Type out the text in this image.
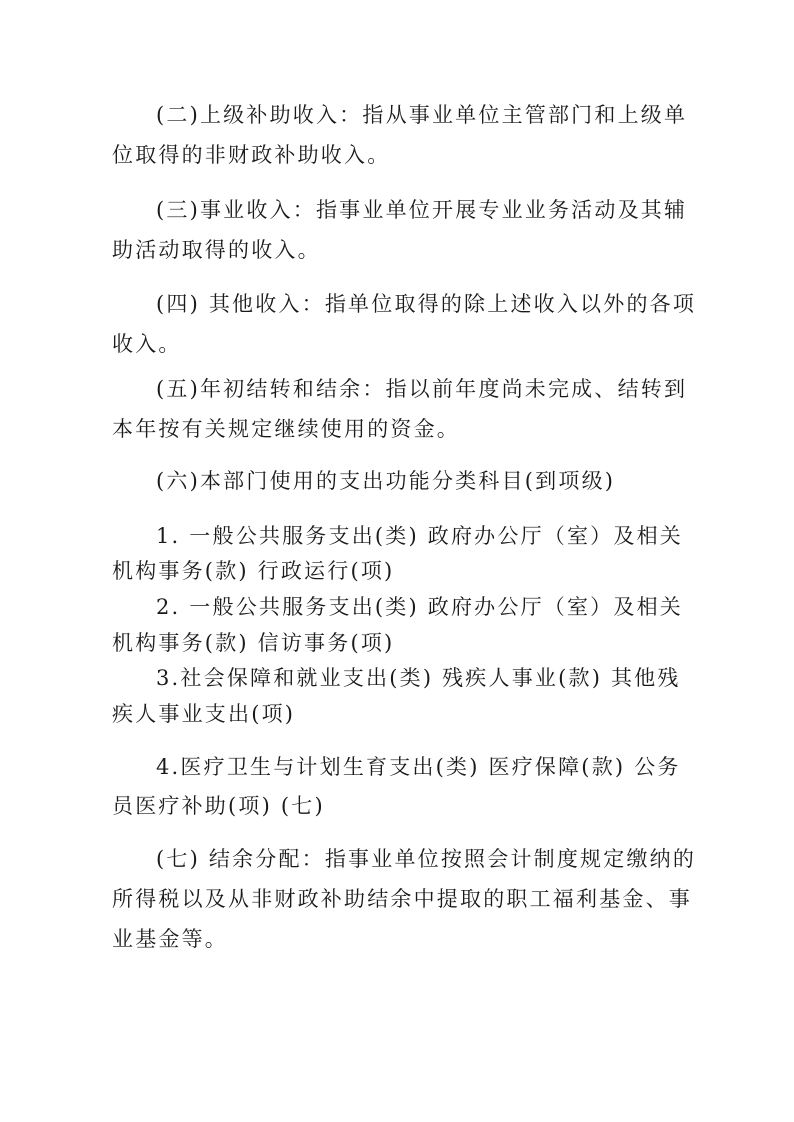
(二)上级补助收入：指从事业单位主管部门和上级单

位取得的非财政补助收入。

(三)事业收入：指事业单位开展专业业务活动及其辅

助活动取得的收入。

(四) 其他收入：指单位取得的除上述收入以外的各项

收入。

(五)年初结转和结余：指以前年度尚未完成、结转到

本年按有关规定继续使用的资金。

(六)本部门使用的支出功能分类科目(到项级)

1. 一般公共服务支出(类) 政府办公厅（室）及相关

机构事务(款) 行政运行(项)

2. 一般公共服务支出(类) 政府办公厅（室）及相关

机构事务(款) 信访事务(项)

3.社会保障和就业支出(类) 残疾人事业(款) 其他残

疾人事业支出(项)

4.医疗卫生与计划生育支出(类) 医疗保障(款) 公务

员医疗补助(项) (七)

(七) 结余分配：指事业单位按照会计制度规定缴纳的

所得税以及从非财政补助结余中提取的职工福利基金、事

业基金等。
